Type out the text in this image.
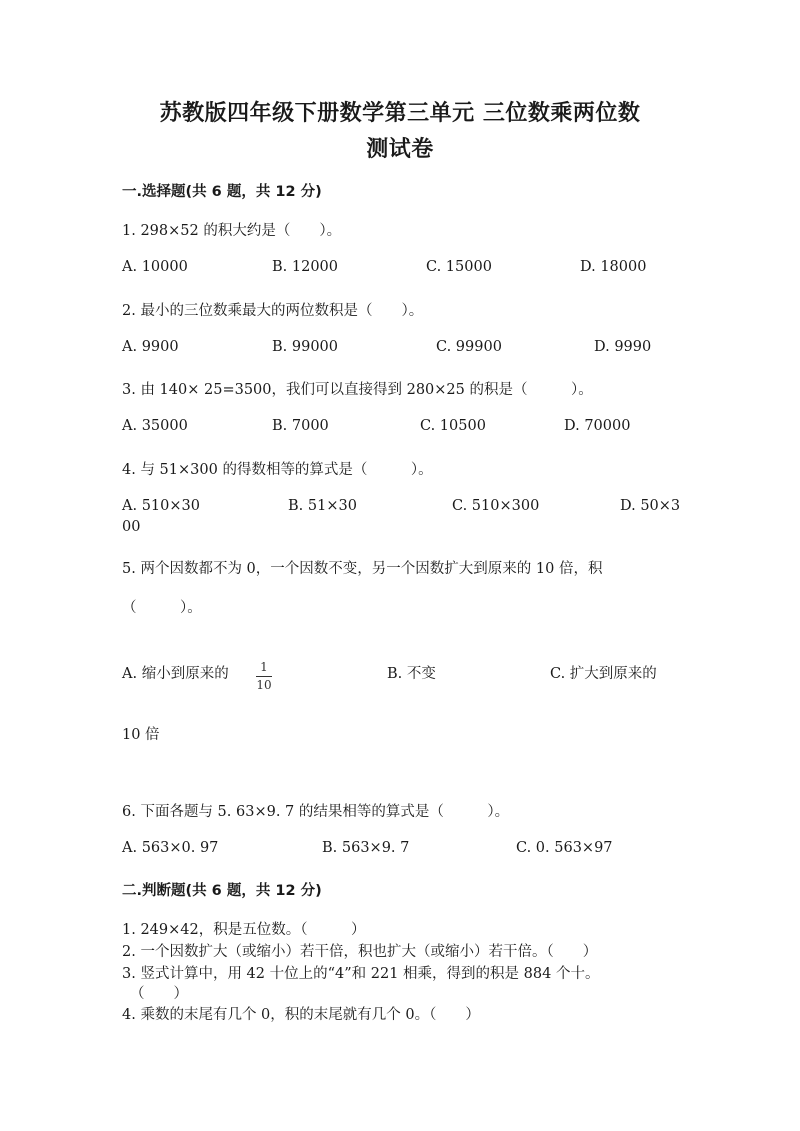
苏教版四年级下册数学第三单元 三位数乘两位数
测试卷
一.选择题(共 6 题，共 12 分)
1. 298×52 的积大约是（　　）。
A. 10000	B. 12000	C. 15000	D. 18000
2. 最小的三位数乘最大的两位数积是（　　）。
A. 9900	B. 99000	C. 99900	D. 9990
3. 由 140× 25=3500，我们可以直接得到 280×25 的积是（　　　）。
A. 35000	B. 7000	C. 10500	D. 70000
4. 与 51×300 的得数相等的算式是（　　　）。
A. 510×30	B. 51×30	C. 510×300	D. 50×3
00
5. 两个因数都不为 0，一个因数不变，另一个因数扩大到原来的 10 倍，积
（　　　）。
A. 缩小到原来的 $\frac{1}{10}$	B. 不变	C. 扩大到原来的
10 倍
6. 下面各题与 5. 63×9. 7 的结果相等的算式是（　　　）。
A. 563×0. 97	B. 563×9. 7	C. 0. 563×97
二.判断题(共 6 题，共 12 分)
1. 249×42，积是五位数。（　　　）
2. 一个因数扩大（或缩小）若干倍，积也扩大（或缩小）若干倍。（　　）
3. 竖式计算中，用 42 十位上的“4”和 221 相乘，得到的积是 884 个十。
（　　）
4. 乘数的末尾有几个 0，积的末尾就有几个 0。（　　）
